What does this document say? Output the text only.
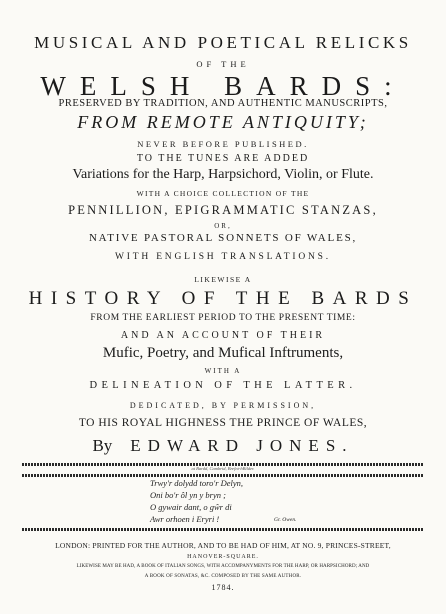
MUSICAL AND POETICAL RELICKS
OF THE
WELSH BARDS:
PRESERVED BY TRADITION, AND AUTHENTIC MANUSCRIPTS,
FROM REMOTE ANTIQUITY;
NEVER BEFORE PUBLISHED.
TO THE TUNES ARE ADDED
Variations for the Harp, Harpsichord, Violin, or Flute.
WITH A CHOICE COLLECTION OF THE
PENNILLION, EPIGRAMMATIC STANZAS,
OR,
NATIVE PASTORAL SONNETS OF WALES,
WITH ENGLISH TRANSLATIONS.
LIKEWISE A
HISTORY OF THE BARDS
FROM THE EARLIEST PERIOD TO THE PRESENT TIME:
AND AN ACCOUNT OF THEIR
Mufic, Poetry, and Mufical Inftruments,
WITH A
DELINEATION OF THE LATTER.
DEDICATED, BY PERMISSION,
TO HIS ROYAL HIGHNESS THE PRINCE OF WALES,
By EDWARD JONES.
at Bardd, Cambrid, Brefnt-hBilder.
Trwy'r dolydd toro'r Delyn,
Oni bo'r ôl yn y bryn ;
O gywair dant, o gŵr di
Awr orhoen i Eryri !	Gr. Owen.
LONDON: PRINTED FOR THE AUTHOR, AND TO BE HAD OF HIM, AT NO. 9, PRINCES-STREET,
HANOVER-SQUARE.
LIKEWISE MAY BE HAD, A BOOK OF ITALIAN SONGS, WITH ACCOMPANYMENTS FOR THE HARP, OR HARPSICHORD; AND
A BOOK OF SONATAS, &C. COMPOSED BY THE SAME AUTHOR.
1784.
